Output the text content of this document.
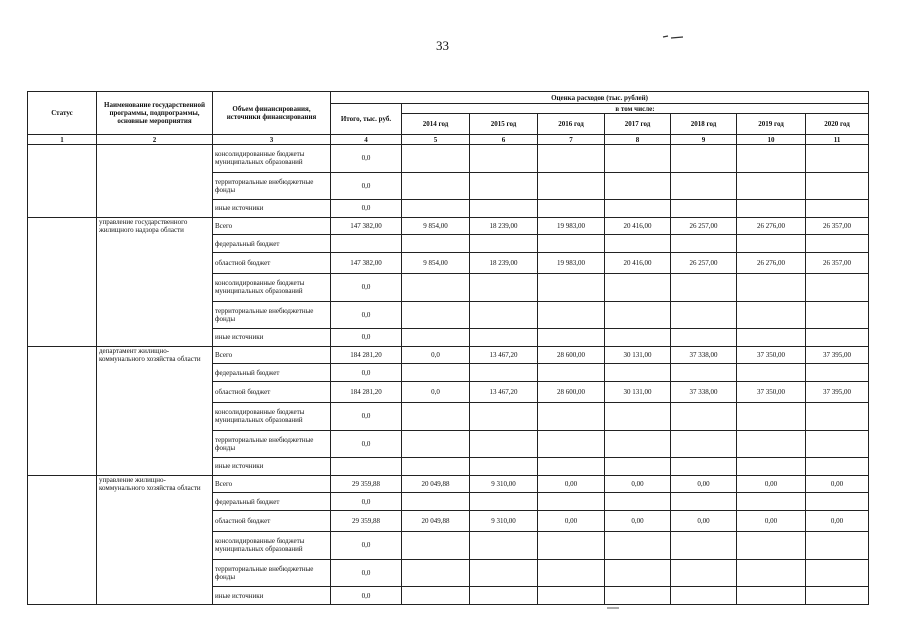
33
Статус	Наименование государственной программы, подпрограммы, основные мероприятия	Объем финансирования, источники финансирования	Оценка расходов (тыс. рублей)							
			Итого, тыс. руб.	в том числе:						
				2014 год	2015 год	2016 год	2017 год	2018 год	2019 год	2020 год
1	2	3	4	5	6	7	8	9	10	11
		консолидированные бюджеты муниципальных образований	0,0							
		территориальные внебюджетные фонды	0,0							
		иные источники	0,0							
	управление государственного жилищного надзора области	Всего	147 382,00	9 854,00	18 239,00	19 983,00	20 416,00	26 257,00	26 276,00	26 357,00
		федеральный бюджет								
		областной бюджет	147 382,00	9 854,00	18 239,00	19 983,00	20 416,00	26 257,00	26 276,00	26 357,00
		консолидированные бюджеты муниципальных образований	0,0							
		территориальные внебюджетные фонды	0,0							
		иные источники	0,0							
	департамент жилищно-коммунального хозяйства области	Всего	184 281,20	0,0	13 467,20	28 600,00	30 131,00	37 338,00	37 350,00	37 395,00
		федеральный бюджет	0,0							
		областной бюджет	184 281,20	0,0	13 467,20	28 600,00	30 131,00	37 338,00	37 350,00	37 395,00
		консолидированные бюджеты муниципальных образований	0,0							
		территориальные внебюджетные фонды	0,0							
		иные источники								
	управление жилищно-коммунального хозяйства области	Всего	29 359,88	20 049,88	9 310,00	0,00	0,00	0,00	0,00	0,00
		федеральный бюджет	0,0							
		областной бюджет	29 359,88	20 049,88	9 310,00	0,00	0,00	0,00	0,00	0,00
		консолидированные бюджеты муниципальных образований	0,0							
		территориальные внебюджетные фонды	0,0							
		иные источники	0,0							
